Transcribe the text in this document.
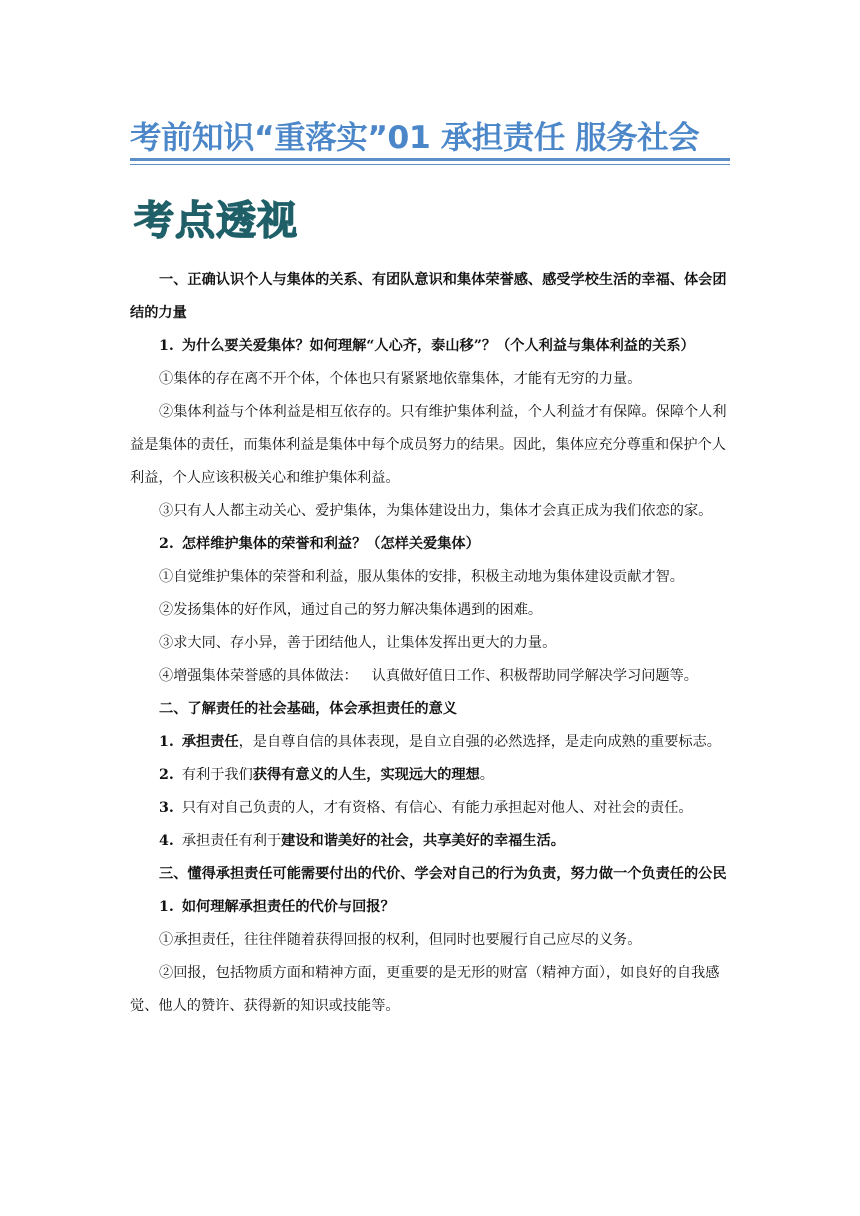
考前知识“重落实”01 承担责任 服务社会
考点透视

一、正确认识个人与集体的关系、有团队意识和集体荣誉感、感受学校生活的幸福、体会团结的力量

1. 为什么要关爱集体？如何理解“人心齐，泰山移”？（个人利益与集体利益的关系）

①集体的存在离不开个体，个体也只有紧紧地依靠集体，才能有无穷的力量。

②集体利益与个体利益是相互依存的。只有维护集体利益，个人利益才有保障。保障个人利益是集体的责任，而集体利益是集体中每个成员努力的结果。因此，集体应充分尊重和保护个人利益，个人应该积极关心和维护集体利益。

③只有人人都主动关心、爱护集体，为集体建设出力，集体才会真正成为我们依恋的家。

2. 怎样维护集体的荣誉和利益？（怎样关爱集体）

①自觉维护集体的荣誉和利益，服从集体的安排，积极主动地为集体建设贡献才智。

②发扬集体的好作风，通过自己的努力解决集体遇到的困难。

③求大同、存小异，善于团结他人，让集体发挥出更大的力量。

④增强集体荣誉感的具体做法： 认真做好值日工作、积极帮助同学解决学习问题等。

二、了解责任的社会基础，体会承担责任的意义

1. 承担责任，是自尊自信的具体表现，是自立自强的必然选择，是走向成熟的重要标志。

2. 有利于我们获得有意义的人生，实现远大的理想。

3. 只有对自己负责的人，才有资格、有信心、有能力承担起对他人、对社会的责任。

4. 承担责任有利于建设和谐美好的社会，共享美好的幸福生活。

三、懂得承担责任可能需要付出的代价、学会对自己的行为负责，努力做一个负责任的公民

1. 如何理解承担责任的代价与回报？

①承担责任，往往伴随着获得回报的权利，但同时也要履行自己应尽的义务。

②回报，包括物质方面和精神方面，更重要的是无形的财富（精神方面），如良好的自我感觉、他人的赞许、获得新的知识或技能等。
